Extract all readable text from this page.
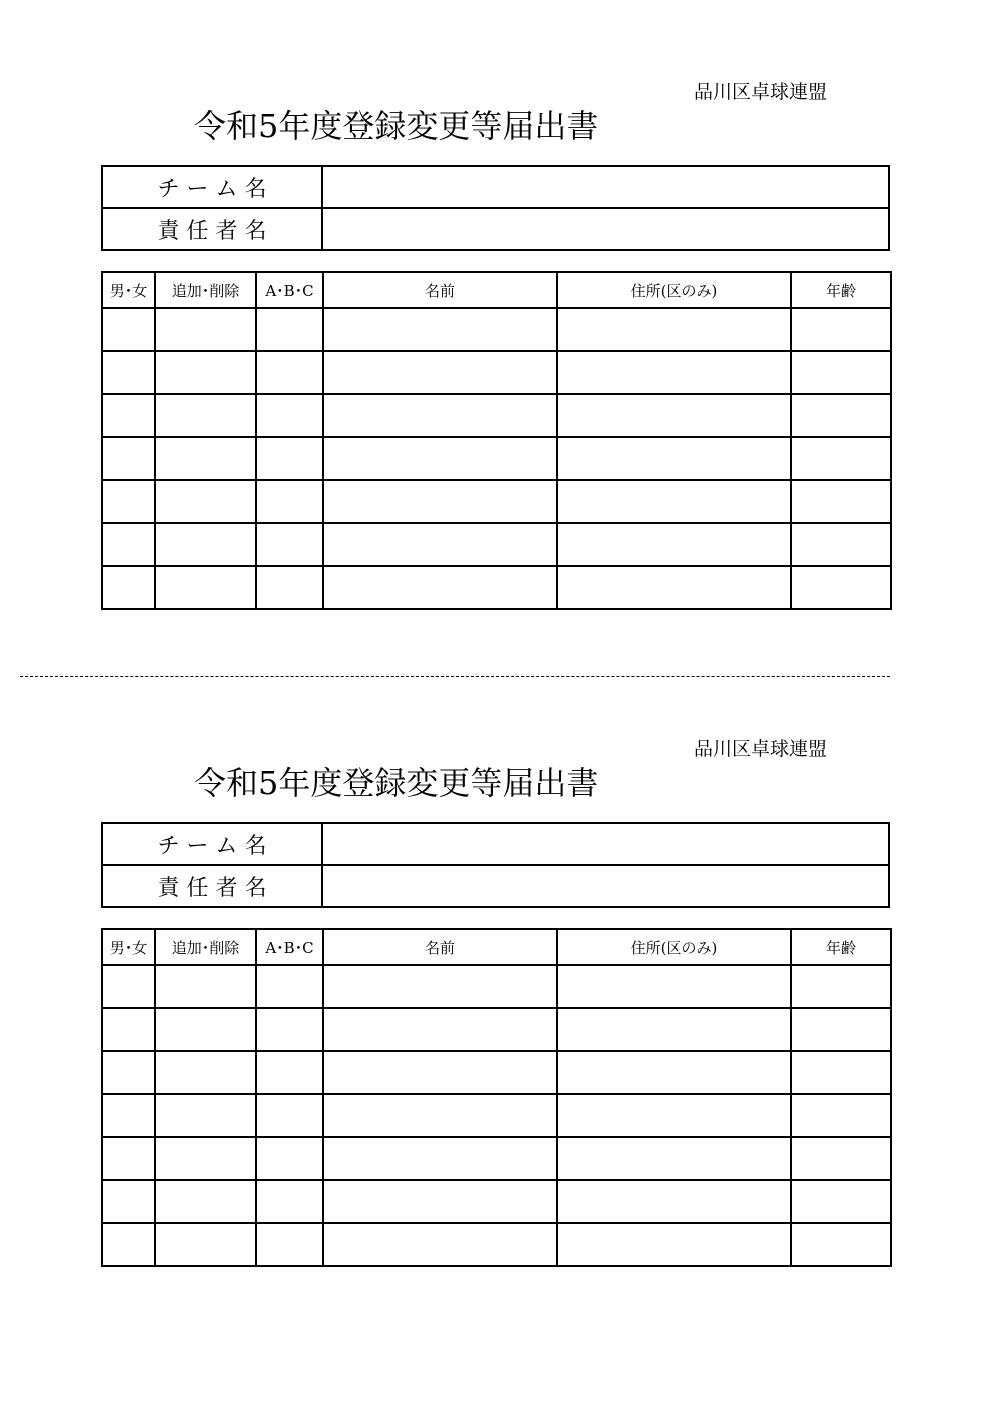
品川区卓球連盟
令和5年度登録変更等届出書
チ ー ム 名	
責 任 者 名	
男･女	追加･削除	A･B･C	名前	住所(区のみ)	年齢

品川区卓球連盟
令和5年度登録変更等届出書
チ ー ム 名	
責 任 者 名	
男･女	追加･削除	A･B･C	名前	住所(区のみ)	年齢
